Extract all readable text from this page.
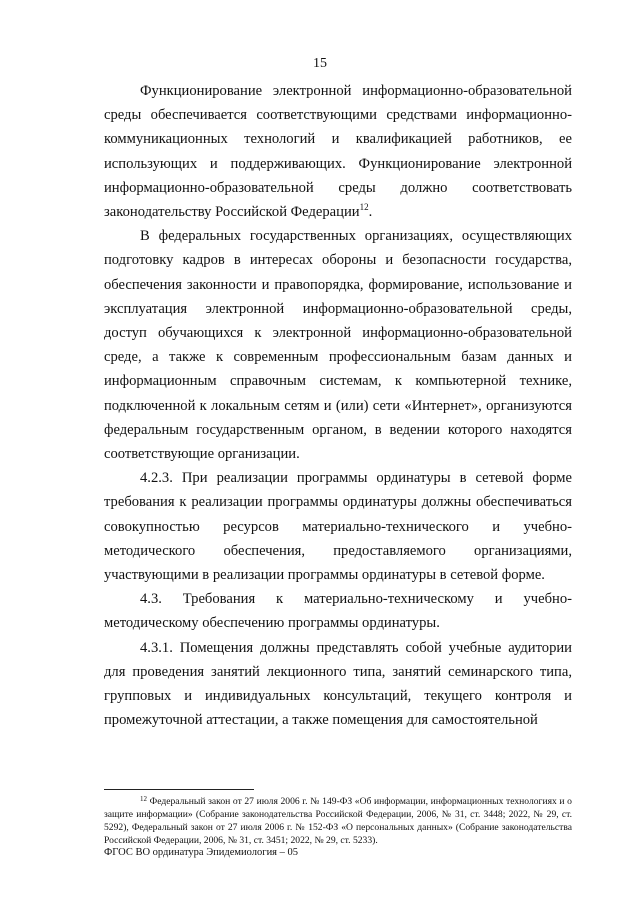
15

Функционирование электронной информационно-образовательной среды обеспечивается соответствующими средствами информационно-коммуникационных технологий и квалификацией работников, ее использующих и поддерживающих. Функционирование электронной информационно-образовательной среды должно соответствовать законодательству Российской Федерации$^{12}$.

В федеральных государственных организациях, осуществляющих подготовку кадров в интересах обороны и безопасности государства, обеспечения законности и правопорядка, формирование, использование и эксплуатация электронной информационно-образовательной среды, доступ обучающихся к электронной информационно-образовательной среде, а также к современным профессиональным базам данных и информационным справочным системам, к компьютерной технике, подключенной к локальным сетям и (или) сети «Интернет», организуются федеральным государственным органом, в ведении которого находятся соответствующие организации.

4.2.3. При реализации программы ординатуры в сетевой форме требования к реализации программы ординатуры должны обеспечиваться совокупностью ресурсов материально-технического и учебно-методического обеспечения, предоставляемого организациями, участвующими в реализации программы ординатуры в сетевой форме.

4.3. Требования к материально-техническому и учебно-методическому обеспечению программы ординатуры.

4.3.1. Помещения должны представлять собой учебные аудитории для проведения занятий лекционного типа, занятий семинарского типа, групповых и индивидуальных консультаций, текущего контроля и промежуточной аттестации, а также помещения для самостоятельной

$^{12}$ Федеральный закон от 27 июля 2006 г. № 149-ФЗ «Об информации, информационных технологиях и о защите информации» (Собрание законодательства Российской Федерации, 2006, № 31, ст. 3448; 2022, № 29, ст. 5292), Федеральный закон от 27 июля 2006 г. № 152-ФЗ «О персональных данных» (Собрание законодательства Российской Федерации, 2006, № 31, ст. 3451; 2022, № 29, ст. 5233).
ФГОС ВО ординатура Эпидемиология – 05
